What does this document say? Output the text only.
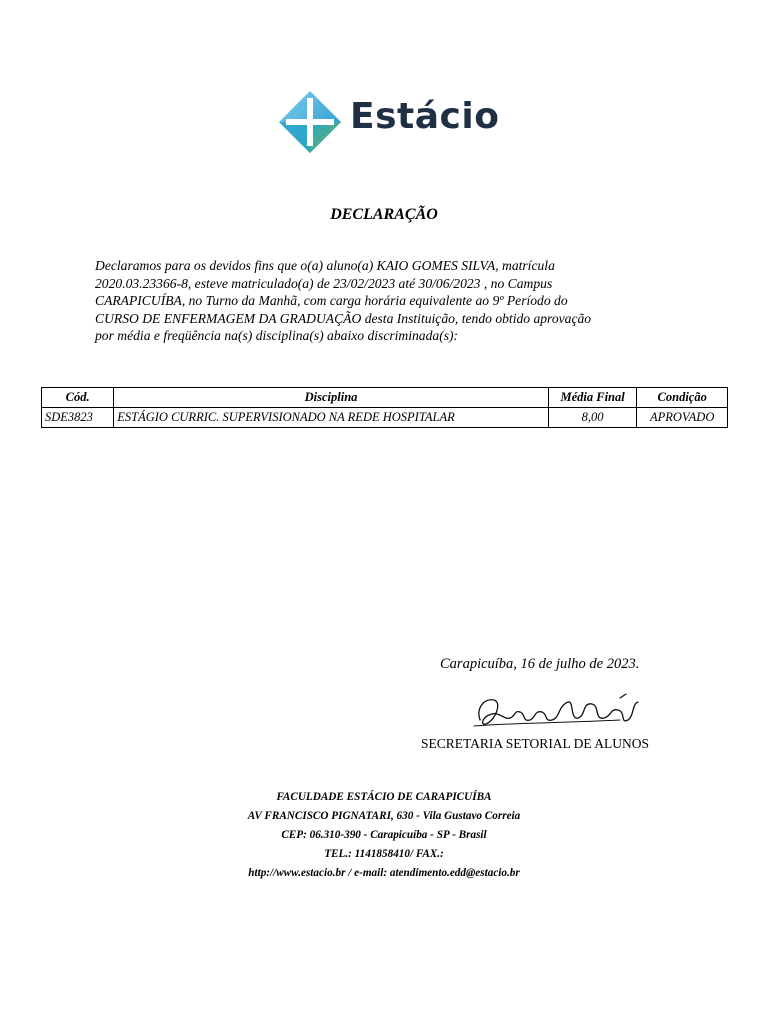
Estácio
DECLARAÇÃO

Declaramos para os devidos fins que o(a) aluno(a) KAIO GOMES SILVA, matrícula
2020.03.23366-8, esteve matriculado(a) de 23/02/2023 até 30/06/2023 , no Campus
CARAPICUÍBA, no Turno da Manhã, com carga horária equivalente ao 9º Período do
CURSO DE ENFERMAGEM DA GRADUAÇÃO desta Instituição, tendo obtido aprovação
por média e freqüência na(s) disciplina(s) abaixo discriminada(s):

Cód.	Disciplina	Média Final	Condição
SDE3823	ESTÁGIO CURRIC. SUPERVISIONADO NA REDE HOSPITALAR	8,00	APROVADO
Carapicuíba, 16 de julho de 2023.
SECRETARIA SETORIAL DE ALUNOS
FACULDADE ESTÁCIO DE CARAPICUÍBA
AV FRANCISCO PIGNATARI, 630 - Vila Gustavo Correia
CEP: 06.310-390 - Carapicuíba - SP - Brasil
TEL.: 1141858410/ FAX.:
http://www.estacio.br / e-mail: atendimento.edd@estacio.br
